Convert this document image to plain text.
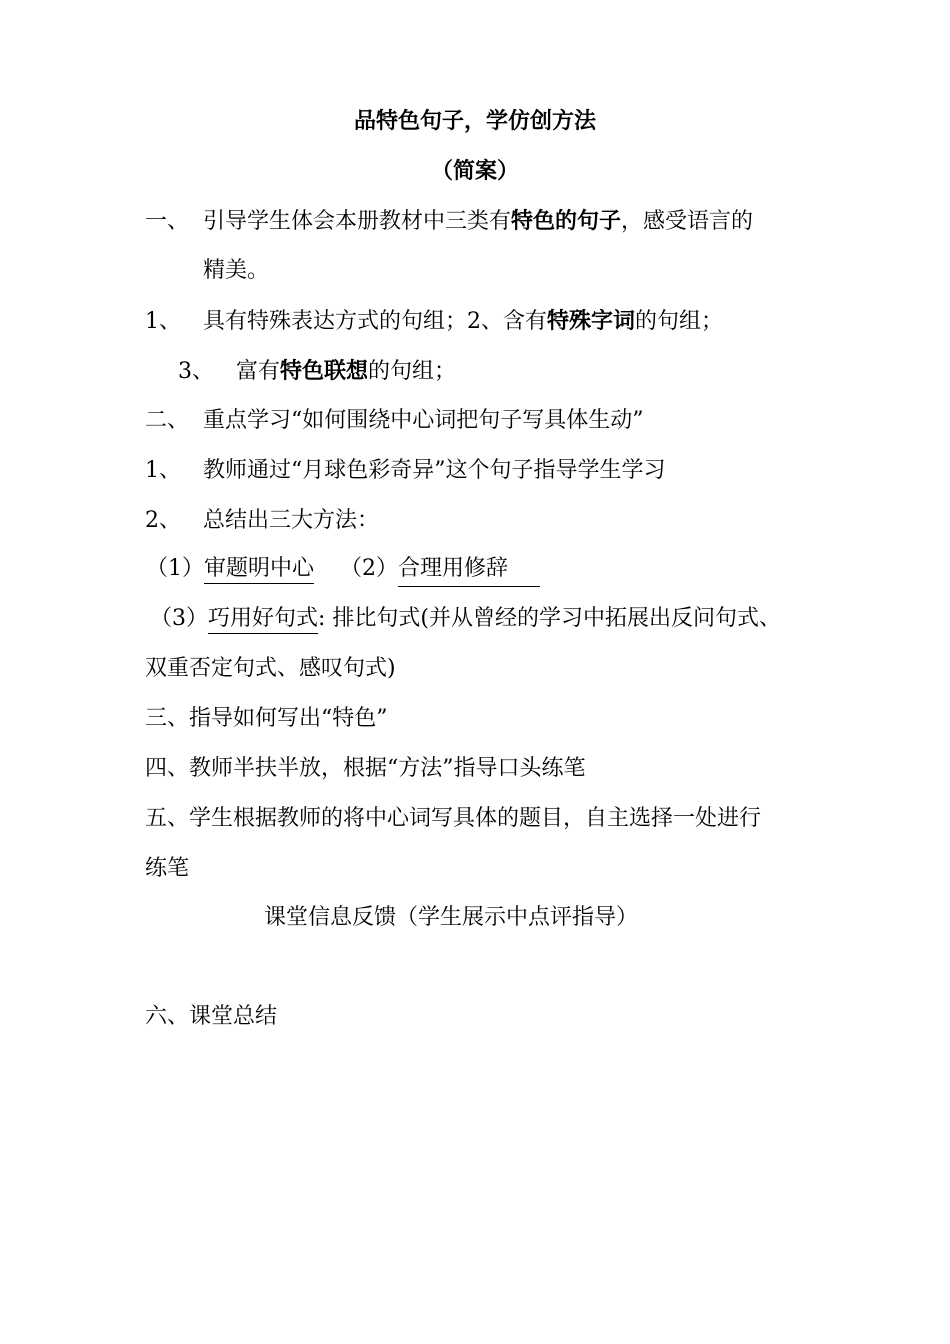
品特色句子，学仿创方法
（简案）
一、 引导学生体会本册教材中三类有特色的句子，感受语言的
精美。
1、 具有特殊表达方式的句组；2、含有特殊字词的句组；
3、 富有特色联想的句组；
二、 重点学习“如何围绕中心词把句子写具体生动”
1、 教师通过“月球色彩奇异”这个句子指导学生学习
2、 总结出三大方法：
（1）审题明中心 （2）合理用修辞
（3）巧用好句式: 排比句式(并从曾经的学习中拓展出反问句式、
双重否定句式、感叹句式)
三、指导如何写出“特色”
四、教师半扶半放，根据“方法”指导口头练笔
五、学生根据教师的将中心词写具体的题目，自主选择一处进行
练笔
课堂信息反馈（学生展示中点评指导）
六、课堂总结
